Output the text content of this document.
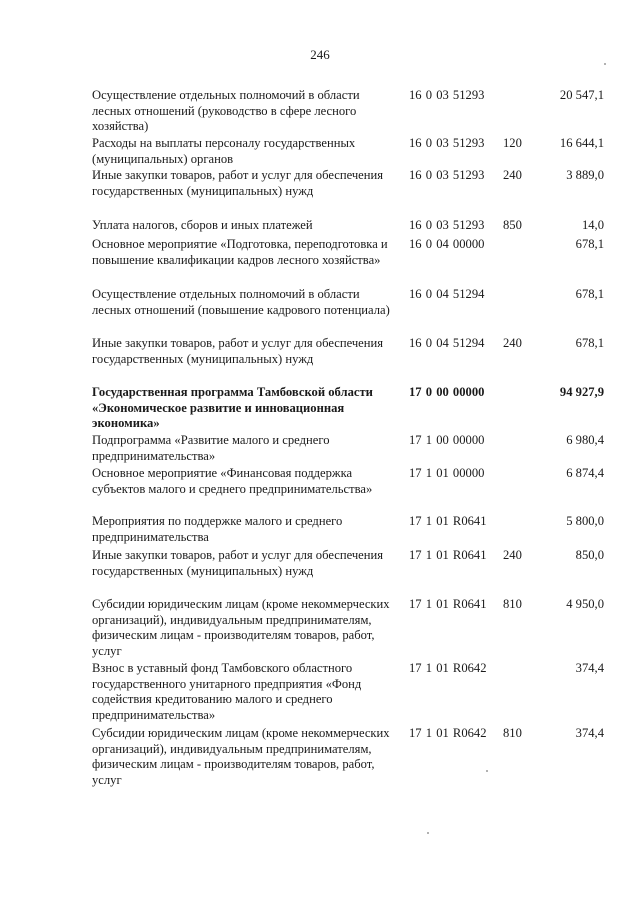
246
Осуществление отдельных полномочий в области лесных отношений (руководство в сфере лесного хозяйства)
16 0 03 51293	20 547,1
Расходы на выплаты персоналу государственных (муниципальных) органов
16 0 03 51293	120	16 644,1
Иные закупки товаров, работ и услуг для обеспечения государственных (муниципальных) нужд
16 0 03 51293	240	3 889,0
Уплата налогов, сборов и иных платежей	16 0 03 51293	850	14,0
Основное мероприятие «Подготовка, переподготовка и повышение квалификации кадров лесного хозяйства»
16 0 04 00000	678,1
Осуществление отдельных полномочий в области лесных отношений (повышение кадрового потенциала)
16 0 04 51294	678,1
Иные закупки товаров, работ и услуг для обеспечения государственных (муниципальных) нужд
16 0 04 51294	240	678,1
Государственная программа Тамбовской области «Экономическое развитие и инновационная экономика»
17 0 00 00000	94 927,9
Подпрограмма «Развитие малого и среднего предпринимательства»
17 1 00 00000	6 980,4
Основное мероприятие «Финансовая поддержка субъектов малого и среднего предпринимательства»
17 1 01 00000	6 874,4
Мероприятия по поддержке малого и среднего предпринимательства
17 1 01 R0641	5 800,0
Иные закупки товаров, работ и услуг для обеспечения государственных (муниципальных) нужд
17 1 01 R0641	240	850,0
Субсидии юридическим лицам (кроме некоммерческих организаций), индивидуальным предпринимателям, физическим лицам - производителям товаров, работ, услуг
17 1 01 R0641	810	4 950,0
Взнос в уставный фонд Тамбовского областного государственного унитарного предприятия «Фонд содействия кредитованию малого и среднего предпринимательства»
17 1 01 R0642	374,4
Субсидии юридическим лицам (кроме некоммерческих организаций), индивидуальным предпринимателям, физическим лицам - производителям товаров, работ, услуг
17 1 01 R0642	810	374,4
